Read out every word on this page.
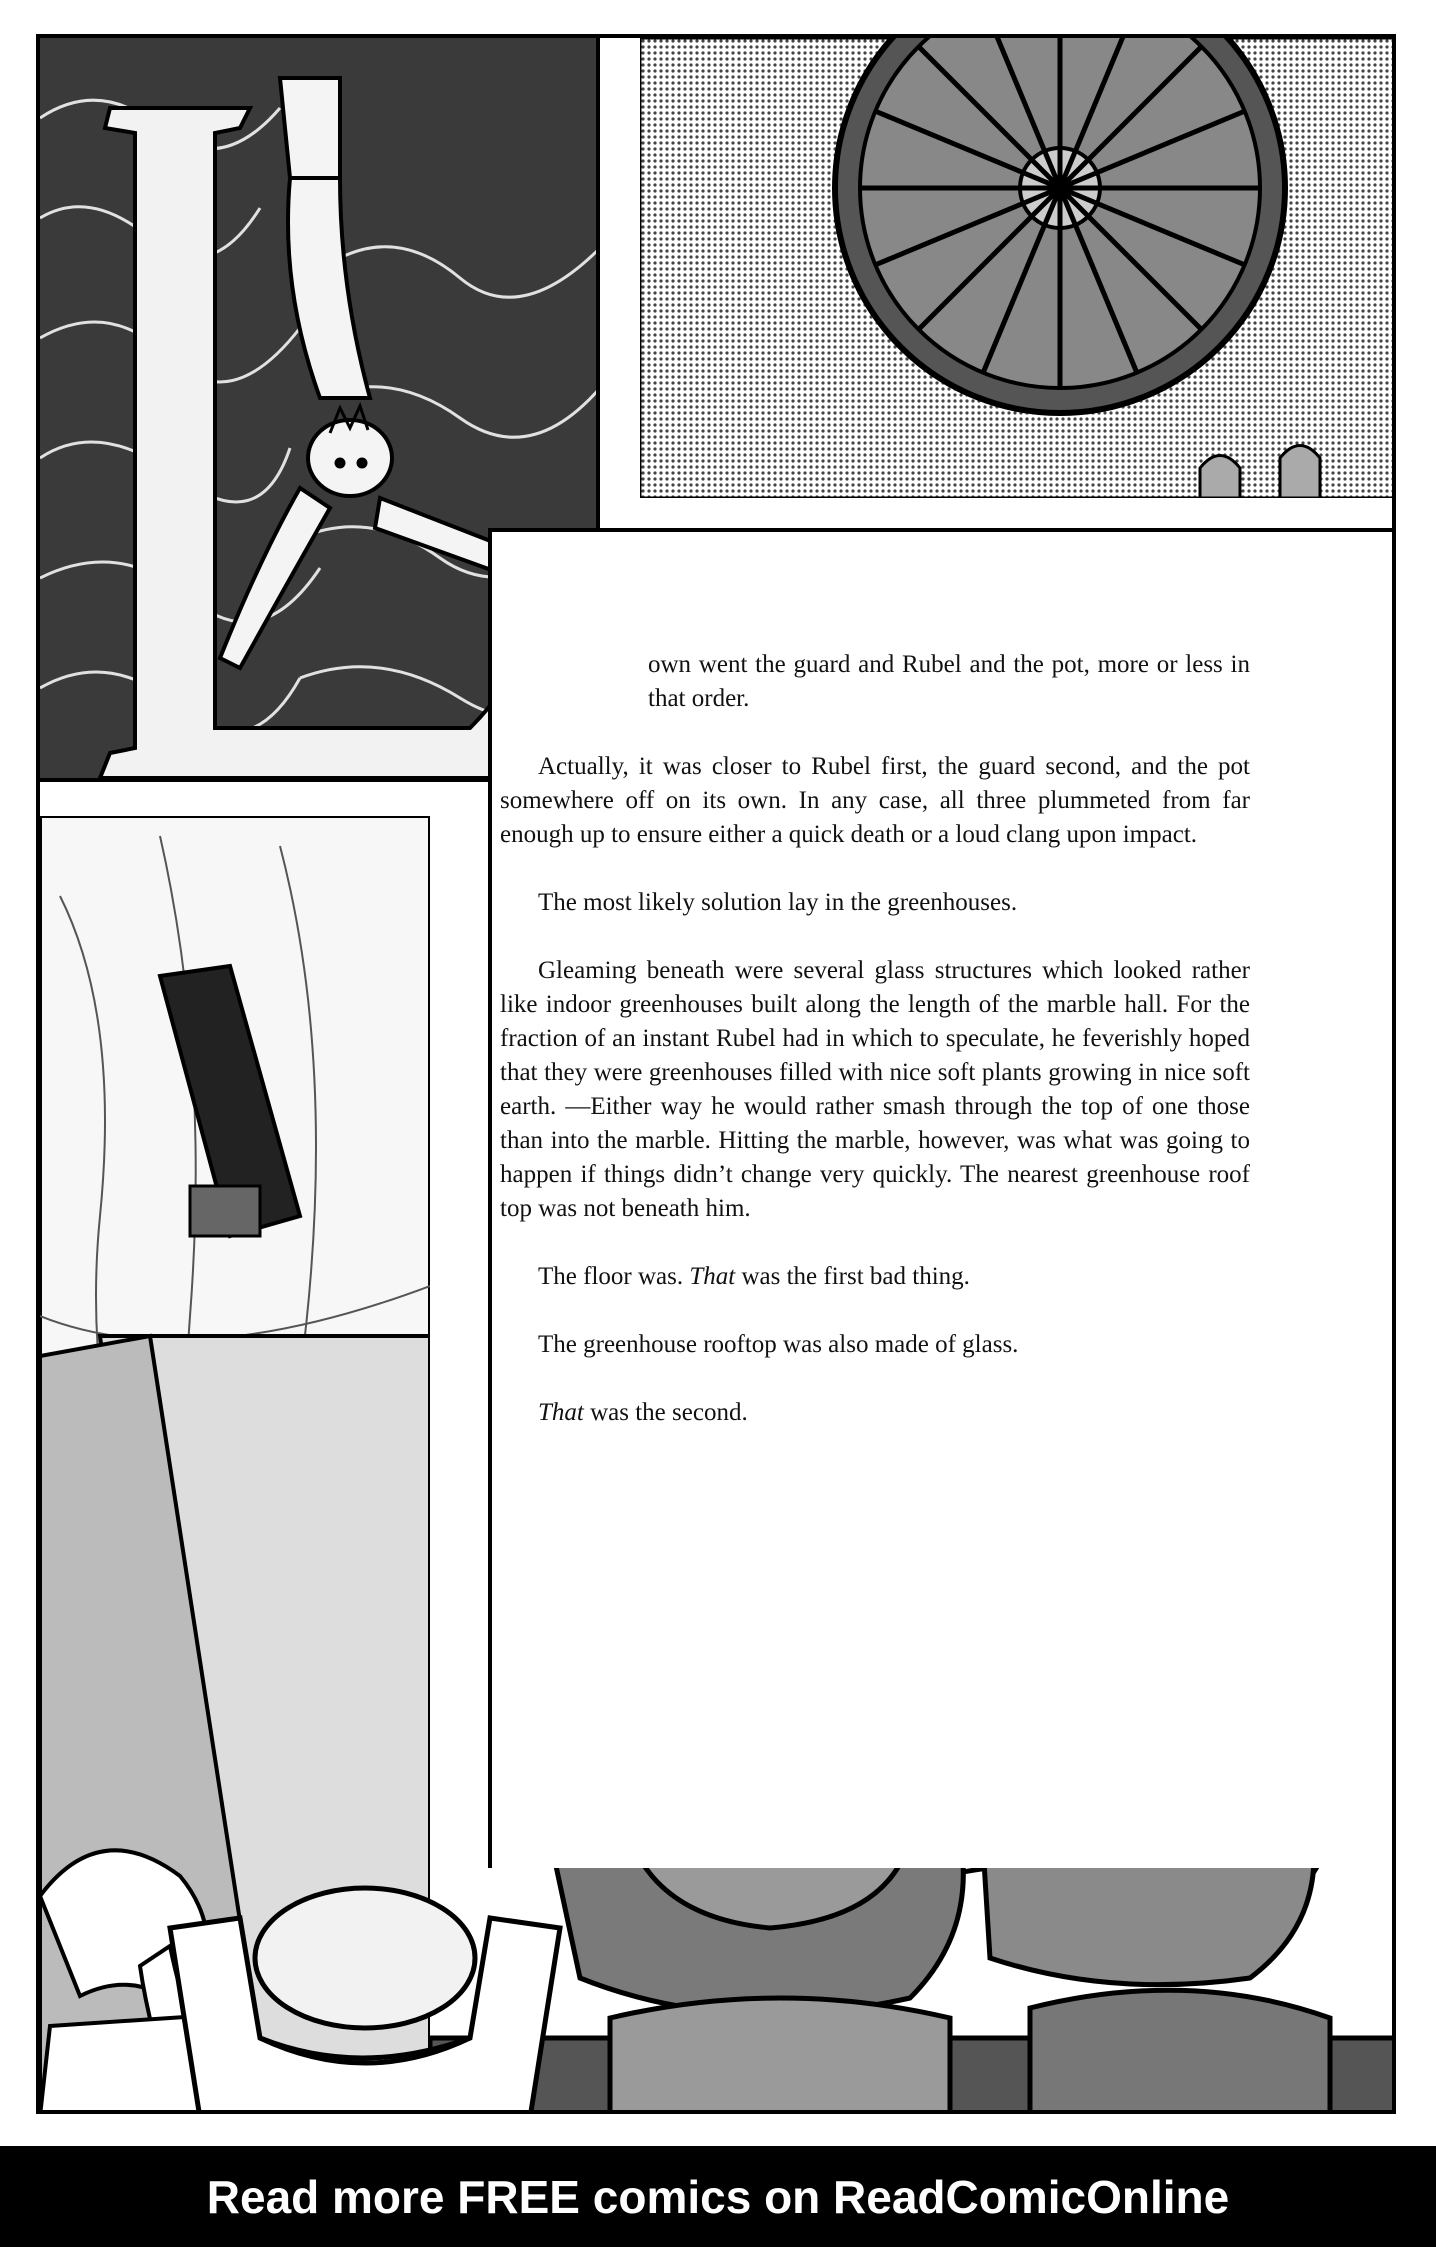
own went the guard and Rubel and the pot, more or less in that order.

Actually, it was closer to Rubel first, the guard second, and the pot somewhere off on its own. In any case, all three plummeted from far enough up to ensure either a quick death or a loud clang upon impact.

The most likely solution lay in the greenhouses.

Gleaming beneath were several glass structures which looked rather like indoor greenhouses built along the length of the marble hall. For the fraction of an instant Rubel had in which to speculate, he feverishly hoped that they were greenhouses filled with nice soft plants growing in nice soft earth. —Either way he would rather smash through the top of one those than into the marble. Hitting the marble, however, was what was going to happen if things didn’t change very quickly. The nearest greenhouse roof top was not beneath him.

The floor was. That was the first bad thing.

The greenhouse rooftop was also made of glass.

That was the second.

Read more FREE comics on ReadComicOnline
